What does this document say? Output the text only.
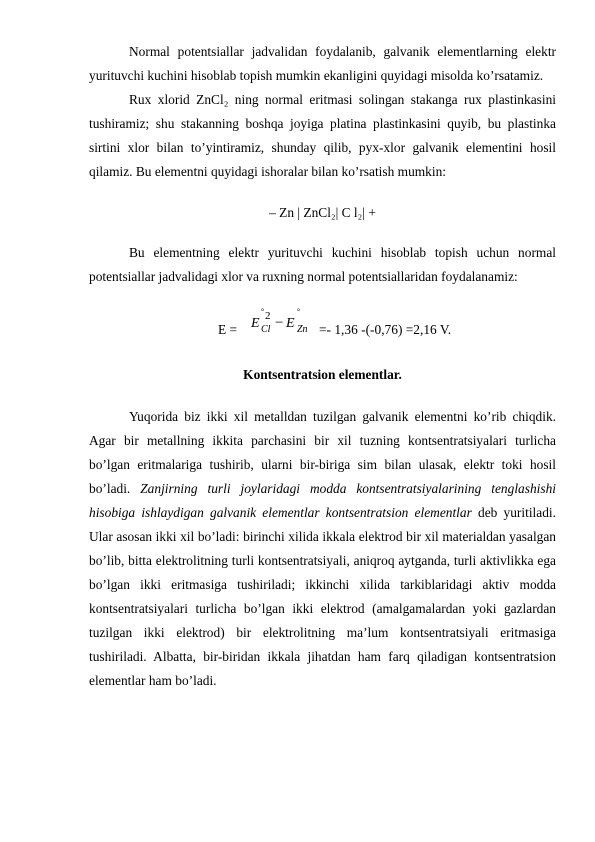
Normal potentsiallar jadvalidan foydalanib, galvanik elementlarning elektr yurituvchi kuchini hisoblab topish mumkin ekanligini quyidagi misolda ko’rsatamiz.

Rux xlorid ZnCl₂ ning normal eritmasi solingan stakanga rux plastinkasini tushiramiz; shu stakanning boshqa joyiga platina plastinkasini quyib, bu plastinka sirtini xlor bilan to’yintiramiz, shunday qilib, pyx-xlor galvanik elementini hosil qilamiz. Bu elementni quyidagi ishoralar bilan ko’rsatish mumkin:

– Zn | ZnCl₂| C l₂| +

Bu elementning elektr yurituvchi kuchini hisoblab topish uchun normal potentsiallar jadvalidagi xlor va ruxning normal potentsiallaridan foydalanamiz:

E = E
° 2
Cl − E
°
Zn =- 1,36 -(-0,76) =2,16 V.

Kontsentratsion elementlar.

Yuqorida biz ikki xil metalldan tuzilgan galvanik elementni ko’rib chiqdik. Agar bir metallning ikkita parchasini bir xil tuzning kontsentratsiyalari turlicha bo’lgan eritmalariga tushirib, ularni bir-biriga sim bilan ulasak, elektr toki hosil bo’ladi. Zanjirning turli joylaridagi modda kontsentratsiyalarining tenglashishi hisobiga ishlaydigan galvanik elementlar kontsentratsion elementlar deb yuritiladi. Ular asosan ikki xil bo’ladi: birinchi xilida ikkala elektrod bir xil materialdan yasalgan bo’lib, bitta elektrolitning turli kontsentratsiyali, aniqroq aytganda, turli aktivlikka ega bo’lgan ikki eritmasiga tushiriladi; ikkinchi xilida tarkiblaridagi aktiv modda kontsentratsiyalari turlicha bo’lgan ikki elektrod (amalgamalardan yoki gazlardan tuzilgan ikki elektrod) bir elektrolitning ma’lum kontsentratsiyali eritmasiga tushiriladi. Albatta, bir-biridan ikkala jihatdan ham farq qiladigan kontsentratsion elementlar ham bo’ladi.
